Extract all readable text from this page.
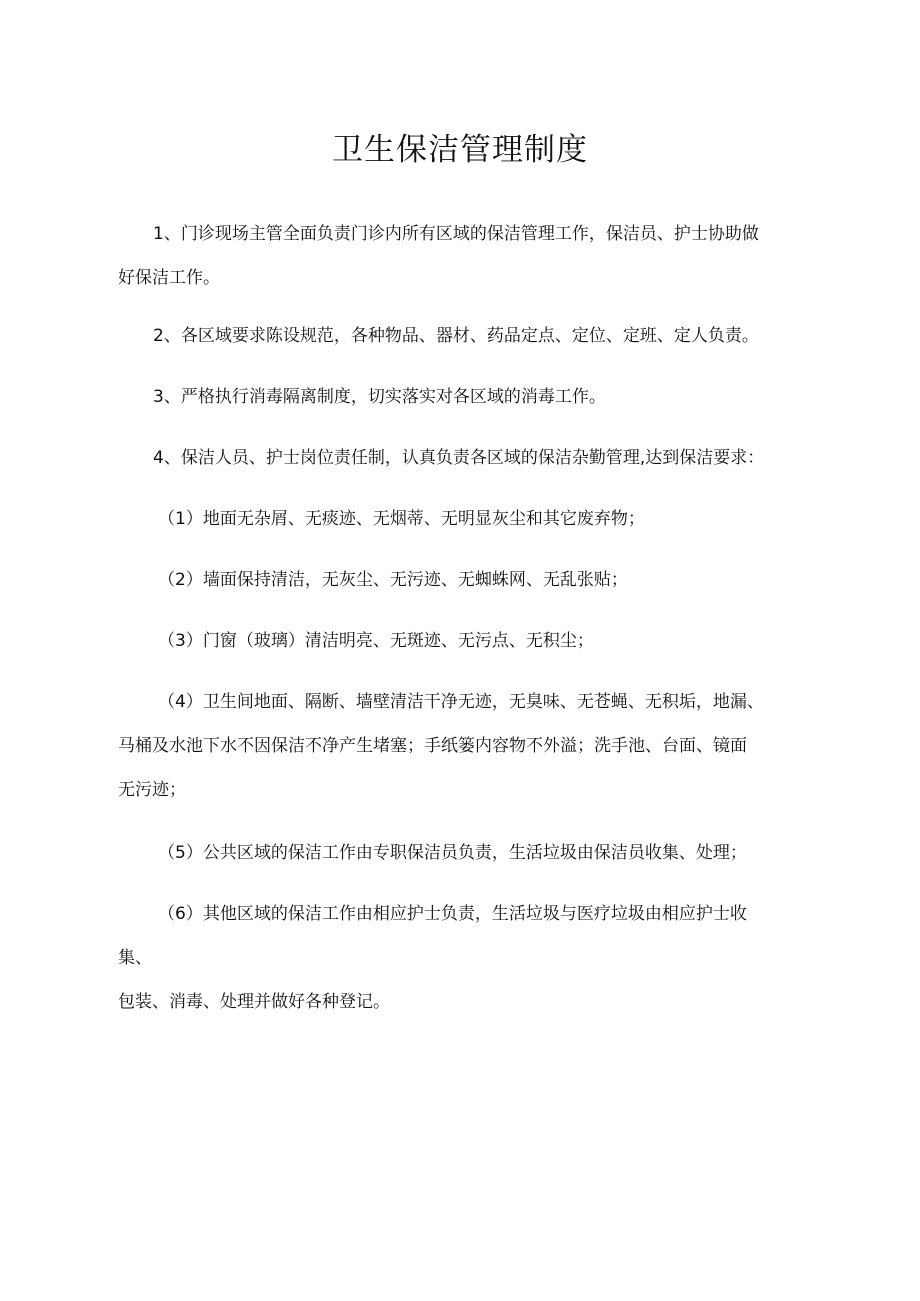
卫生保洁管理制度

1、门诊现场主管全面负责门诊内所有区域的保洁管理工作，保洁员、护士协助做
好保洁工作。

2、各区域要求陈设规范，各种物品、器材、药品定点、定位、定班、定人负责。

3、严格执行消毒隔离制度，切实落实对各区域的消毒工作。

4、保洁人员、护士岗位责任制，认真负责各区域的保洁杂勤管理,达到保洁要求：

（1）地面无杂屑、无痰迹、无烟蒂、无明显灰尘和其它废弃物；

（2）墙面保持清洁，无灰尘、无污迹、无蜘蛛网、无乱张贴；

（3）门窗（玻璃）清洁明亮、无斑迹、无污点、无积尘；

（4）卫生间地面、隔断、墙壁清洁干净无迹，无臭味、无苍蝇、无积垢，地漏、
马桶及水池下水不因保洁不净产生堵塞；手纸篓内容物不外溢；洗手池、台面、镜面
无污迹；

（5）公共区域的保洁工作由专职保洁员负责，生活垃圾由保洁员收集、处理；

（6）其他区域的保洁工作由相应护士负责，生活垃圾与医疗垃圾由相应护士收
集、
包装、消毒、处理并做好各种登记。
